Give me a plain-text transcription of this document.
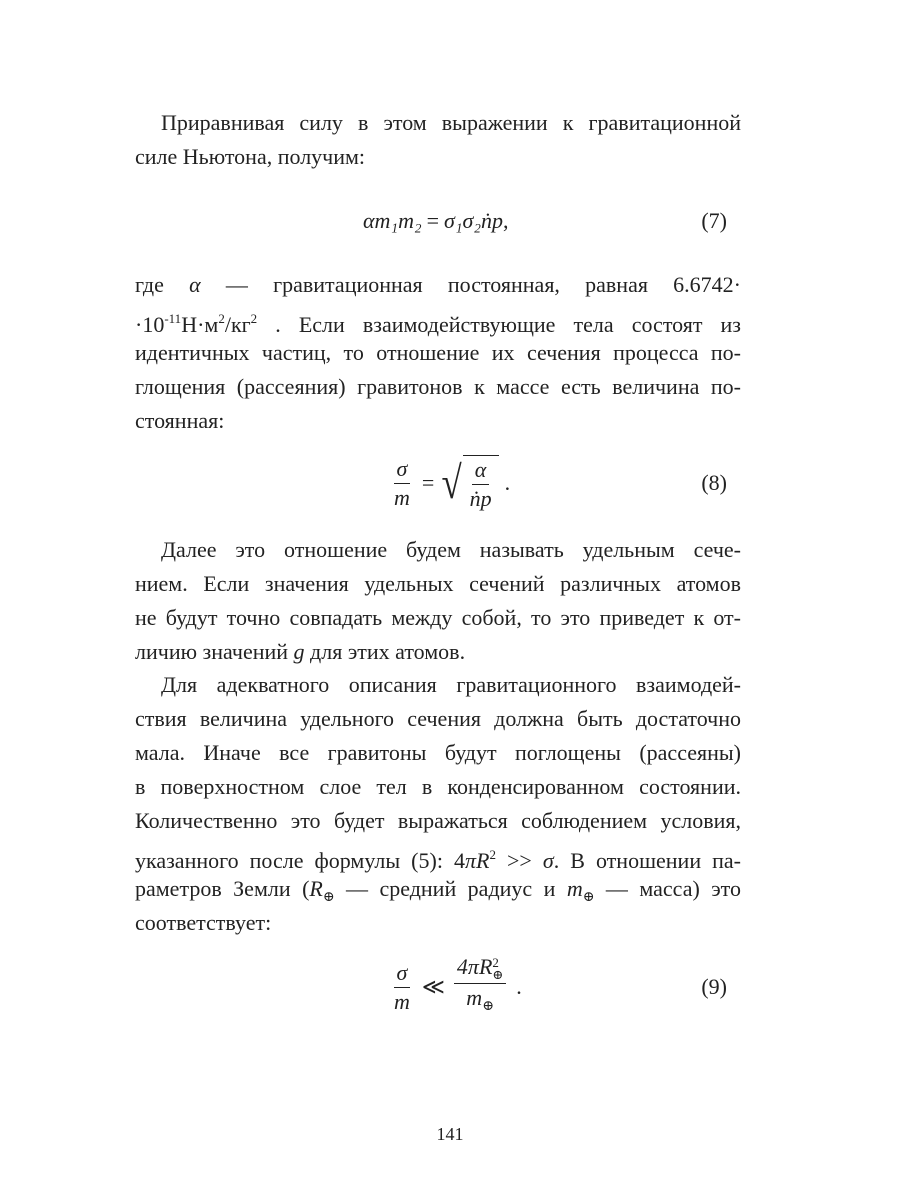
Приравнивая силу в этом выражении к гравитационной
силе Ньютона, получим:
αm₁m₂ = σ₁σ₂ṅp ,	(7)
где α — гравитационная постоянная, равная 6.6742·
$\cdot 10^{-11}Н\cdot м^2/кг^2$ . Если взаимодействующие тела состоят из
идентичных частиц, то отношение их сечения процесса по-
глощения (рассеяния) гравитонов к массе есть величина по-
стоянная:
$\frac{\sigma}{m}$ = √ $\frac{\alpha}{\text{ṅp}}$ .	(8)
Далее это отношение будем называть удельным сече-
нием. Если значения удельных сечений различных атомов
не будут точно совпадать между собой, то это приведет к от-
личию значений g для этих атомов.
Для адекватного описания гравитационного взаимодей-
ствия величина удельного сечения должна быть достаточно
мала. Иначе все гравитоны будут поглощены (рассеяны)
в поверхностном слое тел в конденсированном состоянии.
Количественно это будет выражаться соблюдением условия,
указанного после формулы (5): $4\pi R^2 >> \sigma$. В отношении па-
раметров Земли ($R_\oplus$ — средний радиус и $m_\oplus$ — масса) это
соответствует:
$\frac{\sigma}{m}$ ≪ 4πR 2
⊕
$m_\oplus$ .	(9)
141
